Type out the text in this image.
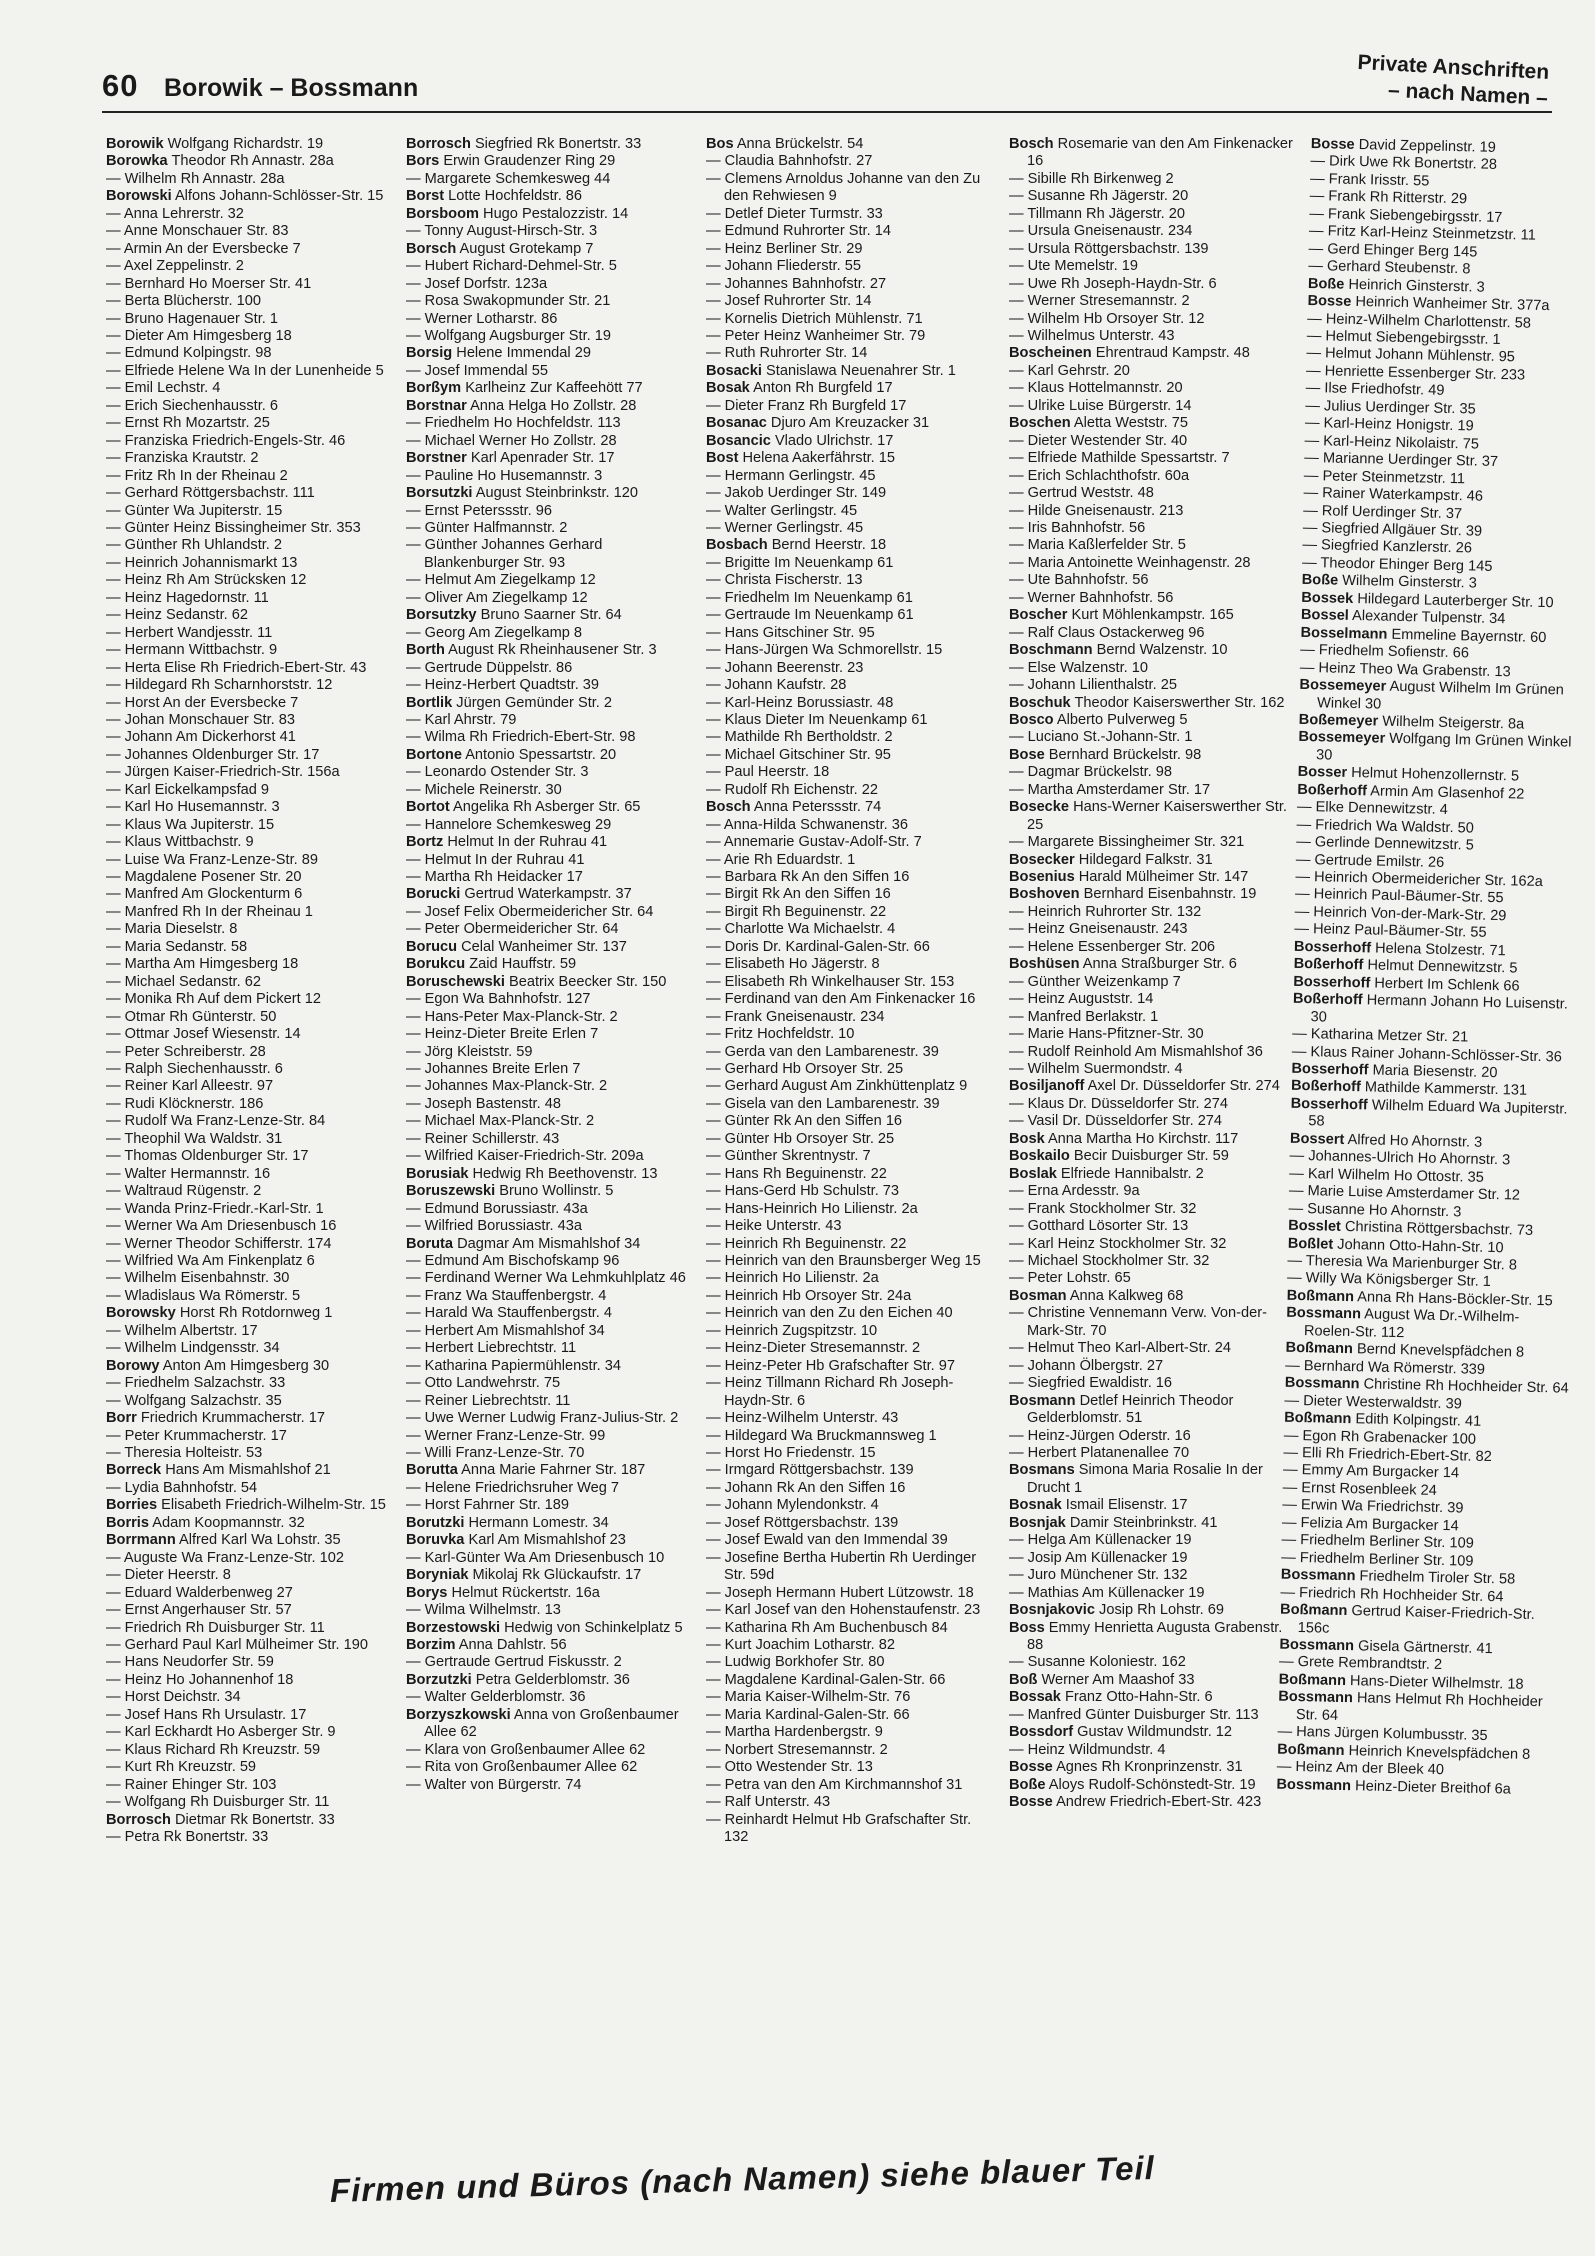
60 Borowik – Bossmann
Private Anschriften
– nach Namen –
Borowik Wolfgang Richardstr. 19
Borowka Theodor Rh Annastr. 28a
— Wilhelm Rh Annastr. 28a
Borowski Alfons Johann-Schlösser-Str. 15
— Anna Lehrerstr. 32
— Anne Monschauer Str. 83
— Armin An der Eversbecke 7
— Axel Zeppelinstr. 2
— Bernhard Ho Moerser Str. 41
— Berta Blücherstr. 100
— Bruno Hagenauer Str. 1
— Dieter Am Himgesberg 18
— Edmund Kolpingstr. 98
— Elfriede Helene Wa In der Lunenheide 5
— Emil Lechstr. 4
— Erich Siechenhausstr. 6
— Ernst Rh Mozartstr. 25
— Franziska Friedrich-Engels-Str. 46
— Franziska Krautstr. 2
— Fritz Rh In der Rheinau 2
— Gerhard Röttgersbachstr. 111
— Günter Wa Jupiterstr. 15
— Günter Heinz Bissingheimer Str. 353
— Günther Rh Uhlandstr. 2
— Heinrich Johannismarkt 13
— Heinz Rh Am Strücksken 12
— Heinz Hagedornstr. 11
— Heinz Sedanstr. 62
— Herbert Wandjesstr. 11
— Hermann Wittbachstr. 9
— Herta Elise Rh Friedrich-Ebert-Str. 43
— Hildegard Rh Scharnhorststr. 12
— Horst An der Eversbecke 7
— Johan Monschauer Str. 83
— Johann Am Dickerhorst 41
— Johannes Oldenburger Str. 17
— Jürgen Kaiser-Friedrich-Str. 156a
— Karl Eickelkampsfad 9
— Karl Ho Husemannstr. 3
— Klaus Wa Jupiterstr. 15
— Klaus Wittbachstr. 9
— Luise Wa Franz-Lenze-Str. 89
— Magdalene Posener Str. 20
— Manfred Am Glockenturm 6
— Manfred Rh In der Rheinau 1
— Maria Dieselstr. 8
— Maria Sedanstr. 58
— Martha Am Himgesberg 18
— Michael Sedanstr. 62
— Monika Rh Auf dem Pickert 12
— Otmar Rh Günterstr. 50
— Ottmar Josef Wiesenstr. 14
— Peter Schreiberstr. 28
— Ralph Siechenhausstr. 6
— Reiner Karl Alleestr. 97
— Rudi Klöcknerstr. 186
— Rudolf Wa Franz-Lenze-Str. 84
— Theophil Wa Waldstr. 31
— Thomas Oldenburger Str. 17
— Walter Hermannstr. 16
— Waltraud Rügenstr. 2
— Wanda Prinz-Friedr.-Karl-Str. 1
— Werner Wa Am Driesenbusch 16
— Werner Theodor Schifferstr. 174
— Wilfried Wa Am Finkenplatz 6
— Wilhelm Eisenbahnstr. 30
— Wladislaus Wa Römerstr. 5
Borowsky Horst Rh Rotdornweg 1
— Wilhelm Albertstr. 17
— Wilhelm Lindgensstr. 34
Borowy Anton Am Himgesberg 30
— Friedhelm Salzachstr. 33
— Wolfgang Salzachstr. 35
Borr Friedrich Krummacherstr. 17
— Peter Krummacherstr. 17
— Theresia Holteistr. 53
Borreck Hans Am Mismahlshof 21
— Lydia Bahnhofstr. 54
Borries Elisabeth Friedrich-Wilhelm-Str. 15
Borris Adam Koopmannstr. 32
Borrmann Alfred Karl Wa Lohstr. 35
— Auguste Wa Franz-Lenze-Str. 102
— Dieter Heerstr. 8
— Eduard Walderbenweg 27
— Ernst Angerhauser Str. 57
— Friedrich Rh Duisburger Str. 11
— Gerhard Paul Karl Mülheimer Str. 190
— Hans Neudorfer Str. 59
— Heinz Ho Johannenhof 18
— Horst Deichstr. 34
— Josef Hans Rh Ursulastr. 17
— Karl Eckhardt Ho Asberger Str. 9
— Klaus Richard Rh Kreuzstr. 59
— Kurt Rh Kreuzstr. 59
— Rainer Ehinger Str. 103
— Wolfgang Rh Duisburger Str. 11
Borrosch Dietmar Rk Bonertstr. 33
— Petra Rk Bonertstr. 33
Borrosch Siegfried Rk Bonertstr. 33
Bors Erwin Graudenzer Ring 29
— Margarete Schemkesweg 44
Borst Lotte Hochfeldstr. 86
Borsboom Hugo Pestalozzistr. 14
— Tonny August-Hirsch-Str. 3
Borsch August Grotekamp 7
— Hubert Richard-Dehmel-Str. 5
— Josef Dorfstr. 123a
— Rosa Swakopmunder Str. 21
— Werner Lotharstr. 86
— Wolfgang Augsburger Str. 19
Borsig Helene Immendal 29
— Josef Immendal 55
Borßym Karlheinz Zur Kaffeehött 77
Borstnar Anna Helga Ho Zollstr. 28
— Friedhelm Ho Hochfeldstr. 113
— Michael Werner Ho Zollstr. 28
Borstner Karl Apenrader Str. 17
— Pauline Ho Husemannstr. 3
Borsutzki August Steinbrinkstr. 120
— Ernst Peterssstr. 96
— Günter Halfmannstr. 2
— Günther Johannes Gerhard Blankenburger Str. 93
— Helmut Am Ziegelkamp 12
— Oliver Am Ziegelkamp 12
Borsutzky Bruno Saarner Str. 64
— Georg Am Ziegelkamp 8
Borth August Rk Rheinhausener Str. 3
— Gertrude Düppelstr. 86
— Heinz-Herbert Quadtstr. 39
Bortlik Jürgen Gemünder Str. 2
— Karl Ahrstr. 79
— Wilma Rh Friedrich-Ebert-Str. 98
Bortone Antonio Spessartstr. 20
— Leonardo Ostender Str. 3
— Michele Reinerstr. 30
Bortot Angelika Rh Asberger Str. 65
— Hannelore Schemkesweg 29
Bortz Helmut In der Ruhrau 41
— Helmut In der Ruhrau 41
— Martha Rh Heidacker 17
Borucki Gertrud Waterkampstr. 37
— Josef Felix Obermeidericher Str. 64
— Peter Obermeidericher Str. 64
Borucu Celal Wanheimer Str. 137
Borukcu Zaid Hauffstr. 59
Boruschewski Beatrix Beecker Str. 150
— Egon Wa Bahnhofstr. 127
— Hans-Peter Max-Planck-Str. 2
— Heinz-Dieter Breite Erlen 7
— Jörg Kleiststr. 59
— Johannes Breite Erlen 7
— Johannes Max-Planck-Str. 2
— Joseph Bastenstr. 48
— Michael Max-Planck-Str. 2
— Reiner Schillerstr. 43
— Wilfried Kaiser-Friedrich-Str. 209a
Borusiak Hedwig Rh Beethovenstr. 13
Boruszewski Bruno Wollinstr. 5
— Edmund Borussiastr. 43a
— Wilfried Borussiastr. 43a
Boruta Dagmar Am Mismahlshof 34
— Edmund Am Bischofskamp 96
— Ferdinand Werner Wa Lehmkuhlplatz 46
— Franz Wa Stauffenbergstr. 4
— Harald Wa Stauffenbergstr. 4
— Herbert Am Mismahlshof 34
— Herbert Liebrechtstr. 11
— Katharina Papiermühlenstr. 34
— Otto Landwehrstr. 75
— Reiner Liebrechtstr. 11
— Uwe Werner Ludwig Franz-Julius-Str. 2
— Werner Franz-Lenze-Str. 99
— Willi Franz-Lenze-Str. 70
Borutta Anna Marie Fahrner Str. 187
— Helene Friedrichsruher Weg 7
— Horst Fahrner Str. 189
Borutzki Hermann Lomestr. 34
Boruvka Karl Am Mismahlshof 23
— Karl-Günter Wa Am Driesenbusch 10
Boryniak Mikolaj Rk Glückaufstr. 17
Borys Helmut Rückertstr. 16a
— Wilma Wilhelmstr. 13
Borzestowski Hedwig von Schinkelplatz 5
Borzim Anna Dahlstr. 56
— Gertraude Gertrud Fiskusstr. 2
Borzutzki Petra Gelderblomstr. 36
— Walter Gelderblomstr. 36
Borzyszkowski Anna von Großenbaumer Allee 62
— Klara von Großenbaumer Allee 62
— Rita von Großenbaumer Allee 62
— Walter von Bürgerstr. 74
Bos Anna Brückelstr. 54
— Claudia Bahnhofstr. 27
— Clemens Arnoldus Johanne van den Zu den Rehwiesen 9
— Detlef Dieter Turmstr. 33
— Edmund Ruhrorter Str. 14
— Heinz Berliner Str. 29
— Johann Fliederstr. 55
— Johannes Bahnhofstr. 27
— Josef Ruhrorter Str. 14
— Kornelis Dietrich Mühlenstr. 71
— Peter Heinz Wanheimer Str. 79
— Ruth Ruhrorter Str. 14
Bosacki Stanislawa Neuenahrer Str. 1
Bosak Anton Rh Burgfeld 17
— Dieter Franz Rh Burgfeld 17
Bosanac Djuro Am Kreuzacker 31
Bosancic Vlado Ulrichstr. 17
Bost Helena Aakerfährstr. 15
— Hermann Gerlingstr. 45
— Jakob Uerdinger Str. 149
— Walter Gerlingstr. 45
— Werner Gerlingstr. 45
Bosbach Bernd Heerstr. 18
— Brigitte Im Neuenkamp 61
— Christa Fischerstr. 13
— Friedhelm Im Neuenkamp 61
— Gertraude Im Neuenkamp 61
— Hans Gitschiner Str. 95
— Hans-Jürgen Wa Schmorellstr. 15
— Johann Beerenstr. 23
— Johann Kaufstr. 28
— Karl-Heinz Borussiastr. 48
— Klaus Dieter Im Neuenkamp 61
— Mathilde Rh Bertholdstr. 2
— Michael Gitschiner Str. 95
— Paul Heerstr. 18
— Rudolf Rh Eichenstr. 22
Bosch Anna Peterssstr. 74
— Anna-Hilda Schwanenstr. 36
— Annemarie Gustav-Adolf-Str. 7
— Arie Rh Eduardstr. 1
— Barbara Rk An den Siffen 16
— Birgit Rk An den Siffen 16
— Birgit Rh Beguinenstr. 22
— Charlotte Wa Michaelstr. 4
— Doris Dr. Kardinal-Galen-Str. 66
— Elisabeth Ho Jägerstr. 8
— Elisabeth Rh Winkelhauser Str. 153
— Ferdinand van den Am Finkenacker 16
— Frank Gneisenaustr. 234
— Fritz Hochfeldstr. 10
— Gerda van den Lambarenestr. 39
— Gerhard Hb Orsoyer Str. 25
— Gerhard August Am Zinkhüttenplatz 9
— Gisela van den Lambarenestr. 39
— Günter Rk An den Siffen 16
— Günter Hb Orsoyer Str. 25
— Günther Skrentnystr. 7
— Hans Rh Beguinenstr. 22
— Hans-Gerd Hb Schulstr. 73
— Hans-Heinrich Ho Lilienstr. 2a
— Heike Unterstr. 43
— Heinrich Rh Beguinenstr. 22
— Heinrich van den Braunsberger Weg 15
— Heinrich Ho Lilienstr. 2a
— Heinrich Hb Orsoyer Str. 24a
— Heinrich van den Zu den Eichen 40
— Heinrich Zugspitzstr. 10
— Heinz-Dieter Stresemannstr. 2
— Heinz-Peter Hb Grafschafter Str. 97
— Heinz Tillmann Richard Rh Joseph-Haydn-Str. 6
— Heinz-Wilhelm Unterstr. 43
— Hildegard Wa Bruckmannsweg 1
— Horst Ho Friedenstr. 15
— Irmgard Röttgersbachstr. 139
— Johann Rk An den Siffen 16
— Johann Mylendonkstr. 4
— Josef Röttgersbachstr. 139
— Josef Ewald van den Immendal 39
— Josefine Bertha Hubertin Rh Uerdinger Str. 59d
— Joseph Hermann Hubert Lützowstr. 18
— Karl Josef van den Hohenstaufenstr. 23
— Katharina Rh Am Buchenbusch 84
— Kurt Joachim Lotharstr. 82
— Ludwig Borkhofer Str. 80
— Magdalene Kardinal-Galen-Str. 66
— Maria Kaiser-Wilhelm-Str. 76
— Maria Kardinal-Galen-Str. 66
— Martha Hardenbergstr. 9
— Norbert Stresemannstr. 2
— Otto Westender Str. 13
— Petra van den Am Kirchmannshof 31
— Ralf Unterstr. 43
— Reinhardt Helmut Hb Grafschafter Str. 132
Bosch Rosemarie van den Am Finkenacker 16
— Sibille Rh Birkenweg 2
— Susanne Rh Jägerstr. 20
— Tillmann Rh Jägerstr. 20
— Ursula Gneisenaustr. 234
— Ursula Röttgersbachstr. 139
— Ute Memelstr. 19
— Uwe Rh Joseph-Haydn-Str. 6
— Werner Stresemannstr. 2
— Wilhelm Hb Orsoyer Str. 12
— Wilhelmus Unterstr. 43
Boscheinen Ehrentraud Kampstr. 48
— Karl Gehrstr. 20
— Klaus Hottelmannstr. 20
— Ulrike Luise Bürgerstr. 14
Boschen Aletta Weststr. 75
— Dieter Westender Str. 40
— Elfriede Mathilde Spessartstr. 7
— Erich Schlachthofstr. 60a
— Gertrud Weststr. 48
— Hilde Gneisenaustr. 213
— Iris Bahnhofstr. 56
— Maria Kaßlerfelder Str. 5
— Maria Antoinette Weinhagenstr. 28
— Ute Bahnhofstr. 56
— Werner Bahnhofstr. 56
Boscher Kurt Möhlenkampstr. 165
— Ralf Claus Ostackerweg 96
Boschmann Bernd Walzenstr. 10
— Else Walzenstr. 10
— Johann Lilienthalstr. 25
Boschuk Theodor Kaiserswerther Str. 162
Bosco Alberto Pulverweg 5
— Luciano St.-Johann-Str. 1
Bose Bernhard Brückelstr. 98
— Dagmar Brückelstr. 98
— Martha Amsterdamer Str. 17
Bosecke Hans-Werner Kaiserswerther Str. 25
— Margarete Bissingheimer Str. 321
Bosecker Hildegard Falkstr. 31
Bosenius Harald Mülheimer Str. 147
Boshoven Bernhard Eisenbahnstr. 19
— Heinrich Ruhrorter Str. 132
— Heinz Gneisenaustr. 243
— Helene Essenberger Str. 206
Boshüsen Anna Straßburger Str. 6
— Günther Weizenkamp 7
— Heinz Auguststr. 14
— Manfred Berlakstr. 1
— Marie Hans-Pfitzner-Str. 30
— Rudolf Reinhold Am Mismahlshof 36
— Wilhelm Suermondstr. 4
Bosiljanoff Axel Dr. Düsseldorfer Str. 274
— Klaus Dr. Düsseldorfer Str. 274
— Vasil Dr. Düsseldorfer Str. 274
Bosk Anna Martha Ho Kirchstr. 117
Boskailo Becir Duisburger Str. 59
Boslak Elfriede Hannibalstr. 2
— Erna Ardesstr. 9a
— Frank Stockholmer Str. 32
— Gotthard Lösorter Str. 13
— Karl Heinz Stockholmer Str. 32
— Michael Stockholmer Str. 32
— Peter Lohstr. 65
Bosman Anna Kalkweg 68
— Christine Vennemann Verw. Von-der-Mark-Str. 70
— Helmut Theo Karl-Albert-Str. 24
— Johann Ölbergstr. 27
— Siegfried Ewaldistr. 16
Bosmann Detlef Heinrich Theodor Gelderblomstr. 51
— Heinz-Jürgen Oderstr. 16
— Herbert Platanenallee 70
Bosmans Simona Maria Rosalie In der Drucht 1
Bosnak Ismail Elisenstr. 17
Bosnjak Damir Steinbrinkstr. 41
— Helga Am Küllenacker 19
— Josip Am Küllenacker 19
— Juro Münchener Str. 132
— Mathias Am Küllenacker 19
Bosnjakovic Josip Rh Lohstr. 69
Boss Emmy Henrietta Augusta Grabenstr. 88
— Susanne Koloniestr. 162
Boß Werner Am Maashof 33
Bossak Franz Otto-Hahn-Str. 6
— Manfred Günter Duisburger Str. 113
Bossdorf Gustav Wildmundstr. 12
— Heinz Wildmundstr. 4
Bosse Agnes Rh Kronprinzenstr. 31
Boße Aloys Rudolf-Schönstedt-Str. 19
Bosse Andrew Friedrich-Ebert-Str. 423
Bosse David Zeppelinstr. 19
— Dirk Uwe Rk Bonertstr. 28
— Frank Irisstr. 55
— Frank Rh Ritterstr. 29
— Frank Siebengebirgsstr. 17
— Fritz Karl-Heinz Steinmetzstr. 11
— Gerd Ehinger Berg 145
— Gerhard Steubenstr. 8
Boße Heinrich Ginsterstr. 3
Bosse Heinrich Wanheimer Str. 377a
— Heinz-Wilhelm Charlottenstr. 58
— Helmut Siebengebirgsstr. 1
— Helmut Johann Mühlenstr. 95
— Henriette Essenberger Str. 233
— Ilse Friedhofstr. 49
— Julius Uerdinger Str. 35
— Karl-Heinz Honigstr. 19
— Karl-Heinz Nikolaistr. 75
— Marianne Uerdinger Str. 37
— Peter Steinmetzstr. 11
— Rainer Waterkampstr. 46
— Rolf Uerdinger Str. 37
— Siegfried Allgäuer Str. 39
— Siegfried Kanzlerstr. 26
— Theodor Ehinger Berg 145
Boße Wilhelm Ginsterstr. 3
Bossek Hildegard Lauterberger Str. 10
Bossel Alexander Tulpenstr. 34
Bosselmann Emmeline Bayernstr. 60
— Friedhelm Sofienstr. 66
— Heinz Theo Wa Grabenstr. 13
Bossemeyer August Wilhelm Im Grünen Winkel 30
Boßemeyer Wilhelm Steigerstr. 8a
Bossemeyer Wolfgang Im Grünen Winkel 30
Bosser Helmut Hohenzollernstr. 5
Boßerhoff Armin Am Glasenhof 22
— Elke Dennewitzstr. 4
— Friedrich Wa Waldstr. 50
— Gerlinde Dennewitzstr. 5
— Gertrude Emilstr. 26
— Heinrich Obermeidericher Str. 162a
— Heinrich Paul-Bäumer-Str. 55
— Heinrich Von-der-Mark-Str. 29
— Heinz Paul-Bäumer-Str. 55
Bosserhoff Helena Stolzestr. 71
Boßerhoff Helmut Dennewitzstr. 5
Bosserhoff Herbert Im Schlenk 66
Boßerhoff Hermann Johann Ho Luisenstr. 30
— Katharina Metzer Str. 21
— Klaus Rainer Johann-Schlösser-Str. 36
Bosserhoff Maria Biesenstr. 20
Boßerhoff Mathilde Kammerstr. 131
Bosserhoff Wilhelm Eduard Wa Jupiterstr. 58
Bossert Alfred Ho Ahornstr. 3
— Johannes-Ulrich Ho Ahornstr. 3
— Karl Wilhelm Ho Ottostr. 35
— Marie Luise Amsterdamer Str. 12
— Susanne Ho Ahornstr. 3
Bosslet Christina Röttgersbachstr. 73
Boßlet Johann Otto-Hahn-Str. 10
— Theresia Wa Marienburger Str. 8
— Willy Wa Königsberger Str. 1
Boßmann Anna Rh Hans-Böckler-Str. 15
Bossmann August Wa Dr.-Wilhelm-Roelen-Str. 112
Boßmann Bernd Knevelspfädchen 8
— Bernhard Wa Römerstr. 339
Bossmann Christine Rh Hochheider Str. 64
— Dieter Westerwaldstr. 39
Boßmann Edith Kolpingstr. 41
— Egon Rh Grabenacker 100
— Elli Rh Friedrich-Ebert-Str. 82
— Emmy Am Burgacker 14
— Ernst Rosenbleek 24
— Erwin Wa Friedrichstr. 39
— Felizia Am Burgacker 14
— Friedhelm Berliner Str. 109
— Friedhelm Berliner Str. 109
Bossmann Friedhelm Tiroler Str. 58
— Friedrich Rh Hochheider Str. 64
Boßmann Gertrud Kaiser-Friedrich-Str. 156c
Bossmann Gisela Gärtnerstr. 41
— Grete Rembrandtstr. 2
Boßmann Hans-Dieter Wilhelmstr. 18
Bossmann Hans Helmut Rh Hochheider Str. 64
— Hans Jürgen Kolumbusstr. 35
Boßmann Heinrich Knevelspfädchen 8
— Heinz Am der Bleek 40
Bossmann Heinz-Dieter Breithof 6a
Firmen und Büros (nach Namen) siehe blauer Teil
